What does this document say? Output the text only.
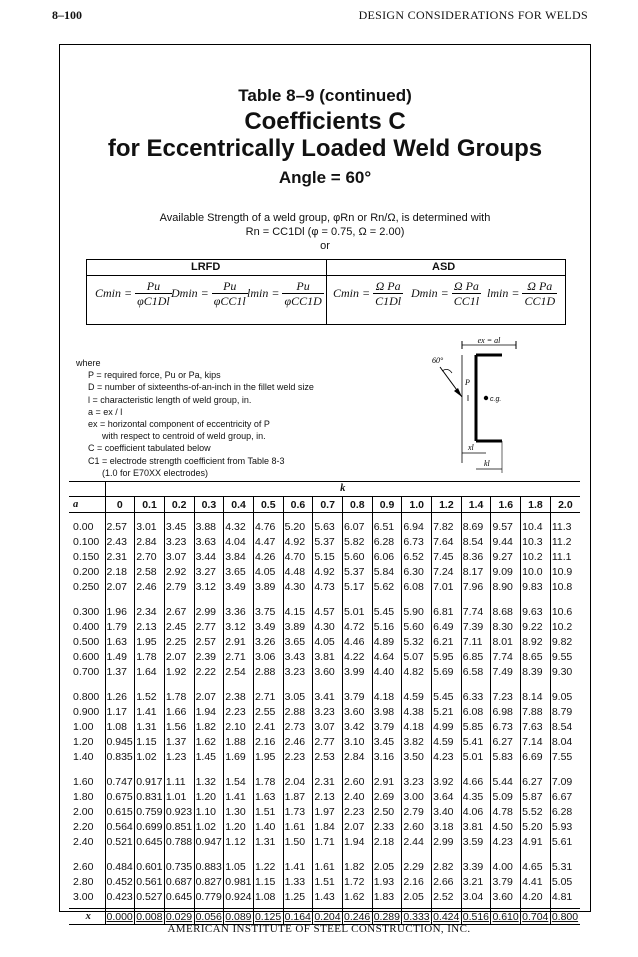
8–100	DESIGN CONSIDERATIONS FOR WELDS
Table 8–9 (continued)
Coefficients C
for Eccentrically Loaded Weld Groups
Angle = 60°
Available Strength of a weld group, φRn or Rn/Ω, is determined with
Rn = CC1Dl (φ = 0.75, Ω = 2.00)
or
LRFD	ASD
$Cmin = \frac{Pu}{\varphi C1Dl}$ $Dmin = \frac{Pu}{\text{φCC1l}}$ $lmin = \frac{Pu}{\text{φCC1D}}$ $Cmin = \frac{\text{Ω Pa}}{C1Dl}$ $Dmin = \frac{\text{Ω Pa}}{CC1l}$ $lmin = \frac{\text{Ω Pa}}{CC1D}$
where
P = required force, Pu or Pa, kips
D = number of sixteenths-of-an-inch in the fillet weld size
l = characteristic length of weld group, in.
a = ex / l
ex = horizontal component of eccentricity of P
with respect to centroid of weld group, in.
C = coefficient tabulated below
C1 = electrode strength coefficient from Table 8-3
(1.0 for E70XX electrodes)
ex = al
60°
P
c.g.
xl
kl
	k															
a	0	0.1	0.2	0.3	0.4	0.5	0.6	0.7	0.8	0.9	1.0	1.2	1.4	1.6	1.8	2.0
0.00	2.57	3.01	3.45	3.88	4.32	4.76	5.20	5.63	6.07	6.51	6.94	7.82	8.69	9.57	10.4	11.3
0.100	2.43	2.84	3.23	3.63	4.04	4.47	4.92	5.37	5.82	6.28	6.73	7.64	8.54	9.44	10.3	11.2
0.150	2.31	2.70	3.07	3.44	3.84	4.26	4.70	5.15	5.60	6.06	6.52	7.45	8.36	9.27	10.2	11.1
0.200	2.18	2.58	2.92	3.27	3.65	4.05	4.48	4.92	5.37	5.84	6.30	7.24	8.17	9.09	10.0	10.9
0.250	2.07	2.46	2.79	3.12	3.49	3.89	4.30	4.73	5.17	5.62	6.08	7.01	7.96	8.90	9.83	10.8
0.300	1.96	2.34	2.67	2.99	3.36	3.75	4.15	4.57	5.01	5.45	5.90	6.81	7.74	8.68	9.63	10.6
0.400	1.79	2.13	2.45	2.77	3.12	3.49	3.89	4.30	4.72	5.16	5.60	6.49	7.39	8.30	9.22	10.2
0.500	1.63	1.95	2.25	2.57	2.91	3.26	3.65	4.05	4.46	4.89	5.32	6.21	7.11	8.01	8.92	9.82
0.600	1.49	1.78	2.07	2.39	2.71	3.06	3.43	3.81	4.22	4.64	5.07	5.95	6.85	7.74	8.65	9.55
0.700	1.37	1.64	1.92	2.22	2.54	2.88	3.23	3.60	3.99	4.40	4.82	5.69	6.58	7.49	8.39	9.30
0.800	1.26	1.52	1.78	2.07	2.38	2.71	3.05	3.41	3.79	4.18	4.59	5.45	6.33	7.23	8.14	9.05
0.900	1.17	1.41	1.66	1.94	2.23	2.55	2.88	3.23	3.60	3.98	4.38	5.21	6.08	6.98	7.88	8.79
1.00	1.08	1.31	1.56	1.82	2.10	2.41	2.73	3.07	3.42	3.79	4.18	4.99	5.85	6.73	7.63	8.54
1.20	0.945	1.15	1.37	1.62	1.88	2.16	2.46	2.77	3.10	3.45	3.82	4.59	5.41	6.27	7.14	8.04
1.40	0.835	1.02	1.23	1.45	1.69	1.95	2.23	2.53	2.84	3.16	3.50	4.23	5.01	5.83	6.69	7.55
1.60	0.747	0.917	1.11	1.32	1.54	1.78	2.04	2.31	2.60	2.91	3.23	3.92	4.66	5.44	6.27	7.09
1.80	0.675	0.831	1.01	1.20	1.41	1.63	1.87	2.13	2.40	2.69	3.00	3.64	4.35	5.09	5.87	6.67
2.00	0.615	0.759	0.923	1.10	1.30	1.51	1.73	1.97	2.23	2.50	2.79	3.40	4.06	4.78	5.52	6.28
2.20	0.564	0.699	0.851	1.02	1.20	1.40	1.61	1.84	2.07	2.33	2.60	3.18	3.81	4.50	5.20	5.93
2.40	0.521	0.645	0.788	0.947	1.12	1.31	1.50	1.71	1.94	2.18	2.44	2.99	3.59	4.23	4.91	5.61
2.60	0.484	0.601	0.735	0.883	1.05	1.22	1.41	1.61	1.82	2.05	2.29	2.82	3.39	4.00	4.65	5.31
2.80	0.452	0.561	0.687	0.827	0.981	1.15	1.33	1.51	1.72	1.93	2.16	2.66	3.21	3.79	4.41	5.05
3.00	0.423	0.527	0.645	0.779	0.924	1.08	1.25	1.43	1.62	1.83	2.05	2.52	3.04	3.60	4.20	4.81
x	0.000	0.008	0.029	0.056	0.089	0.125	0.164	0.204	0.246	0.289	0.333	0.424	0.516	0.610	0.704	0.800
AMERICAN INSTITUTE OF STEEL CONSTRUCTION, INC.
